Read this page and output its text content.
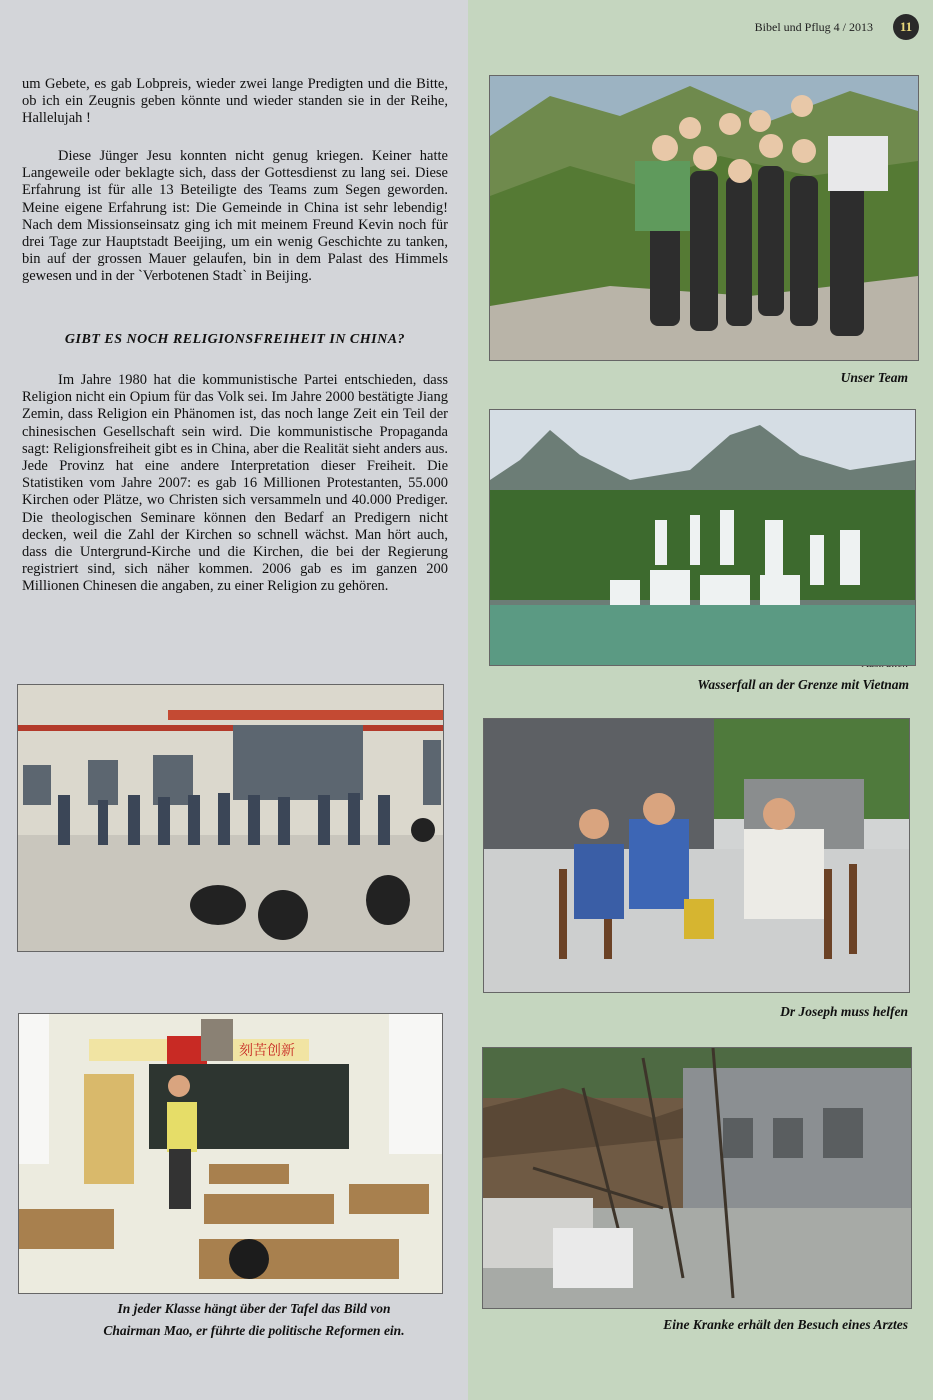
Bibel und Pflug 4 / 2013	11

um Gebete, es gab Lobpreis, wieder zwei lange Predigten und die Bitte, ob ich ein Zeugnis geben könnte und wieder standen sie in der Reihe, Hallelujah !

Diese Jünger Jesu konnten nicht genug kriegen. Keiner hatte Langeweile oder beklagte sich, dass der Gottesdienst zu lang sei. Diese Erfahrung ist für alle 13 Beteiligte des Teams zum Segen geworden. Meine eigene Erfahrung ist: Die Gemeinde in China ist sehr lebendig! Nach dem Missionseinsatz ging ich mit meinem Freund Kevin noch für drei Tage zur Hauptstadt Beeijing, um ein wenig Geschichte zu tanken, bin auf der grossen Mauer gelaufen, bin in dem Palast des Himmels gewesen und in der `Verbotenen Stadt` in Beijing.

GIBT ES NOCH RELIGIONSFREIHEIT IN CHINA?

Im Jahre 1980 hat die kommunistische Partei entschieden, dass Religion nicht ein Opium für das Volk sei. Im Jahre 2000 bestätigte Jiang Zemin, dass Religion ein Phänomen ist, das noch lange Zeit ein Teil der chinesischen Gesellschaft sein wird. Die kommunistische Propaganda sagt: Religionsfreiheit gibt es in China, aber die Realität sieht anders aus. Jede Provinz hat eine andere Interpretation dieser Freiheit. Die Statistiken vom Jahre 2007: es gab 16 Millionen Protestanten, 55.000 Kirchen oder Plätze, wo Christen sich versammeln und 40.000 Prediger. Die theologischen Seminare können den Bedarf an Predigern nicht decken, weil die Zahl der Kirchen so schnell wächst. Man hört auch, dass die Untergrund-Kirche und die Kirchen, die bei der Regierung registriert sind, sich näher kommen. 2006 gab es im ganzen 200 Millionen Chinesen die angaben, zu einer Religion zu gehören.

Unser Team
Wasserfall an der Grenze mit Vietnam
Dr Joseph muss helfen
刻苦创新
In jeder Klasse hängt über der Tafel das Bild von
Chairman Mao, er führte die politische Reformen ein.	Eine Kranke erhält den Besuch eines Arztes
